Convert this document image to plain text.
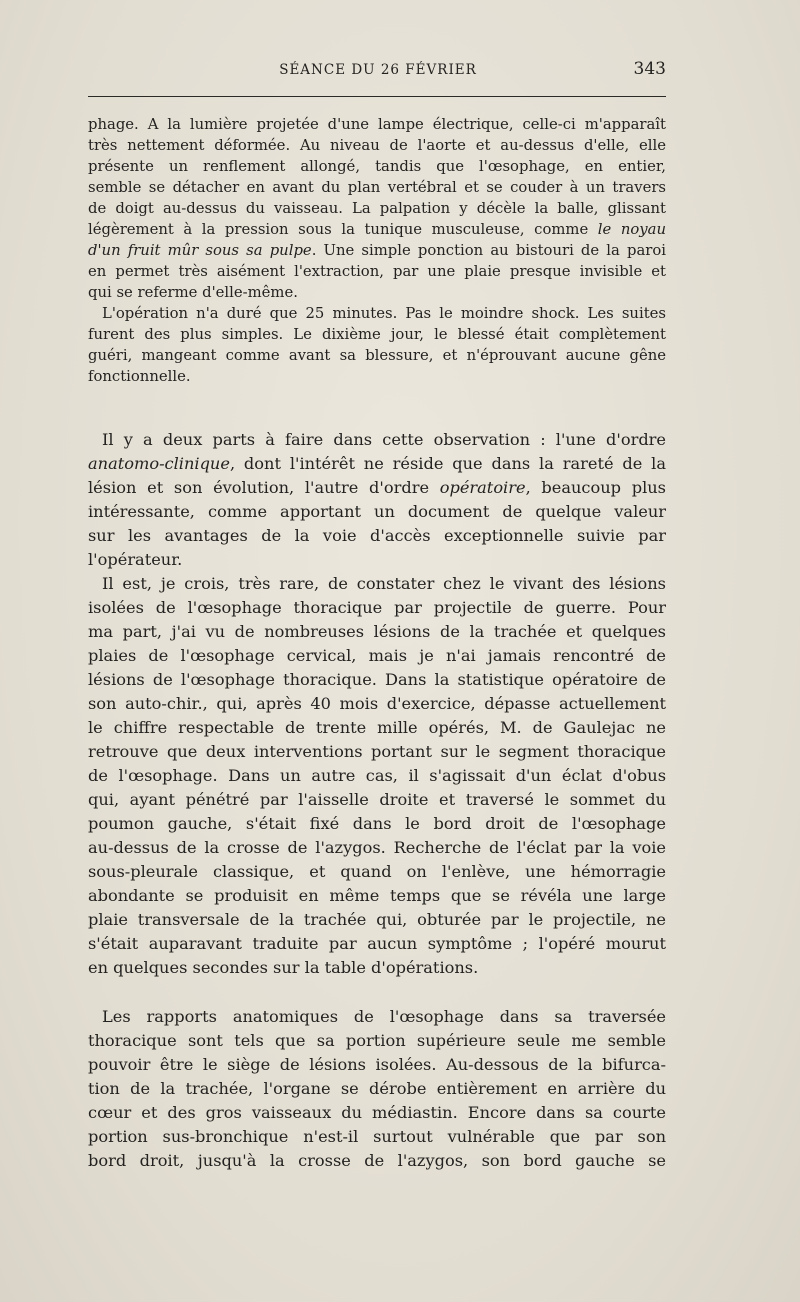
SÉANCE DU 26 FÉVRIER	343
phage. A la lumière projetée d'une lampe électrique, celle-ci m'apparaît
très nettement déformée. Au niveau de l'aorte et au-dessus d'elle, elle
présente un renflement allongé, tandis que l'œsophage, en entier,
semble se détacher en avant du plan vertébral et se couder à un travers
de doigt au-dessus du vaisseau. La palpation y décèle la balle, glissant
légèrement à la pression sous la tunique musculeuse, comme le noyau
d'un fruit mûr sous sa pulpe. Une simple ponction au bistouri de la paroi
en permet très aisément l'extraction, par une plaie presque invisible et
qui se referme d'elle-même.
L'opération n'a duré que 25 minutes. Pas le moindre shock. Les suites
furent des plus simples. Le dixième jour, le blessé était complètement
guéri, mangeant comme avant sa blessure, et n'éprouvant aucune gêne
fonctionnelle.
Il y a deux parts à faire dans cette observation : l'une d'ordre
anatomo-clinique, dont l'intérêt ne réside que dans la rareté de la
lésion et son évolution, l'autre d'ordre opératoire, beaucoup plus
intéressante, comme apportant un document de quelque valeur
sur les avantages de la voie d'accès exceptionnelle suivie par
l'opérateur.
Il est, je crois, très rare, de constater chez le vivant des lésions
isolées de l'œsophage thoracique par projectile de guerre. Pour
ma part, j'ai vu de nombreuses lésions de la trachée et quelques
plaies de l'œsophage cervical, mais je n'ai jamais rencontré de
lésions de l'œsophage thoracique. Dans la statistique opératoire de
son auto-chir., qui, après 40 mois d'exercice, dépasse actuellement
le chiffre respectable de trente mille opérés, M. de Gaulejac ne
retrouve que deux interventions portant sur le segment thoracique
de l'œsophage. Dans un autre cas, il s'agissait d'un éclat d'obus
qui, ayant pénétré par l'aisselle droite et traversé le sommet du
poumon gauche, s'était fixé dans le bord droit de l'œsophage
au-dessus de la crosse de l'azygos. Recherche de l'éclat par la voie
sous-pleurale classique, et quand on l'enlève, une hémorragie
abondante se produisit en même temps que se révéla une large
plaie transversale de la trachée qui, obturée par le projectile, ne
s'était auparavant traduite par aucun symptôme ; l'opéré mourut
en quelques secondes sur la table d'opérations.
Les rapports anatomiques de l'œsophage dans sa traversée
thoracique sont tels que sa portion supérieure seule me semble
pouvoir être le siège de lésions isolées. Au-dessous de la bifurca-
tion de la trachée, l'organe se dérobe entièrement en arrière du
cœur et des gros vaisseaux du médiastin. Encore dans sa courte
portion sus-bronchique n'est-il surtout vulnérable que par son
bord droit, jusqu'à la crosse de l'azygos, son bord gauche se
